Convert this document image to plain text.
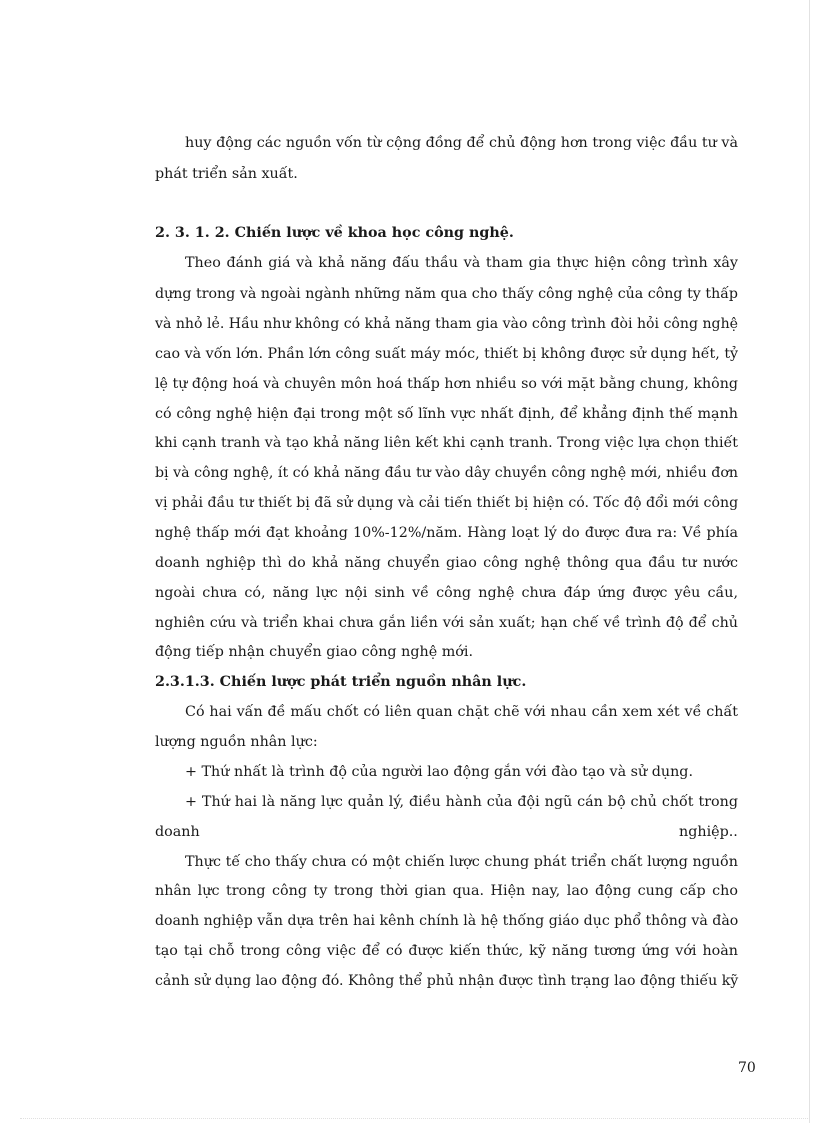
huy động các nguồn vốn từ cộng đồng để chủ động hơn trong việc đầu tư và
phát triển sản xuất.
2. 3. 1. 2. Chiến lược về khoa học công nghệ.
Theo đánh giá và khả năng đấu thầu và tham gia thực hiện công trình xây
dựng trong và ngoài ngành những năm qua cho thấy công nghệ của công ty thấp
và nhỏ lẻ. Hầu như không có khả năng tham gia vào công trình đòi hỏi công nghệ
cao và vốn lớn. Phần lớn công suất máy móc, thiết bị không được sử dụng hết, tỷ
lệ tự động hoá và chuyên môn hoá thấp hơn nhiều so với mặt bằng chung, không
có công nghệ hiện đại trong một số lĩnh vực nhất định, để khẳng định thế mạnh
khi cạnh tranh và tạo khả năng liên kết khi cạnh tranh. Trong việc lựa chọn thiết
bị và công nghệ, ít có khả năng đầu tư vào dây chuyền công nghệ mới, nhiều đơn
vị phải đầu tư thiết bị đã sử dụng và cải tiến thiết bị hiện có. Tốc độ đổi mới công
nghệ thấp mới đạt khoảng 10%-12%/năm. Hàng loạt lý do được đưa ra: Về phía
doanh nghiệp thì do khả năng chuyển giao công nghệ thông qua đầu tư nước
ngoài chưa có, năng lực nội sinh về công nghệ chưa đáp ứng được yêu cầu,
nghiên cứu và triển khai chưa gắn liền với sản xuất; hạn chế về trình độ để chủ
động tiếp nhận chuyển giao công nghệ mới.
2.3.1.3. Chiến lược phát triển nguồn nhân lực.
Có hai vấn đề mấu chốt có liên quan chặt chẽ với nhau cần xem xét về chất
lượng nguồn nhân lực:
+ Thứ nhất là trình độ của người lao động gắn với đào tạo và sử dụng.
+ Thứ hai là năng lực quản lý, điều hành của đội ngũ cán bộ chủ chốt trong
doanh	nghiệp..
Thực tế cho thấy chưa có một chiến lược chung phát triển chất lượng nguồn
nhân lực trong công ty trong thời gian qua. Hiện nay, lao động cung cấp cho
doanh nghiệp vẫn dựa trên hai kênh chính là hệ thống giáo dục phổ thông và đào
tạo tại chỗ trong công việc để có được kiến thức, kỹ năng tương ứng với hoàn
cảnh sử dụng lao động đó. Không thể phủ nhận được tình trạng lao động thiếu kỹ
70
